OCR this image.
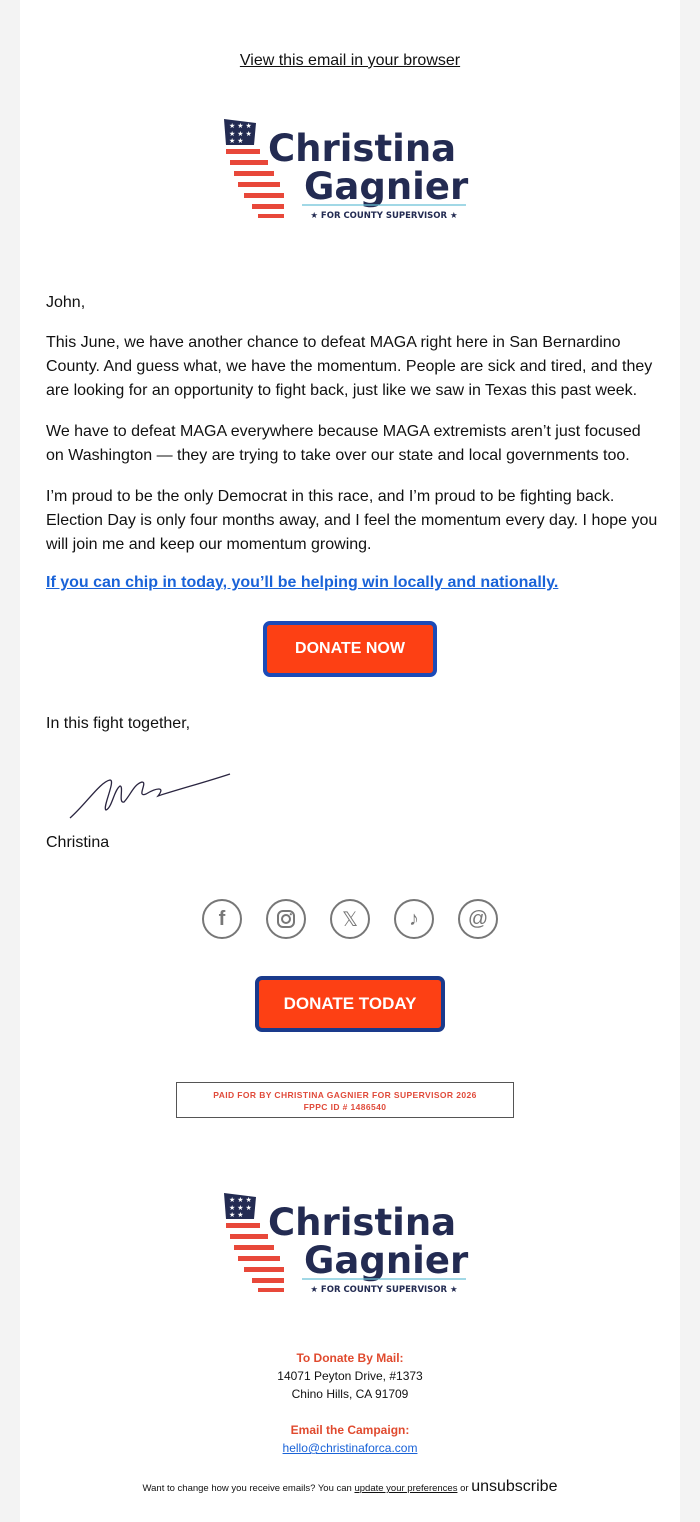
View this email in your browser
★ ★ ★
★ ★ ★
★ ★ Christina
Gagnier
★ FOR COUNTY SUPERVISOR ★

John,

This June, we have another chance to defeat MAGA right here in San Bernardino County. And guess what, we have the momentum. People are sick and tired, and they are looking for an opportunity to fight back, just like we saw in Texas this past week.

We have to defeat MAGA everywhere because MAGA extremists aren’t just focused on Washington — they are trying to take over our state and local governments too.

I’m proud to be the only Democrat in this race, and I’m proud to be fighting back. Election Day is only four months away, and I feel the momentum every day. I hope you will join me and keep our momentum growing.

If you can chip in today, you’ll be helping win locally and nationally.

DONATE NOW
In this fight together,
Christina
f	𝕏	♪ @
DONATE TODAY
PAID FOR BY CHRISTINA GAGNIER FOR SUPERVISOR 2026
FPPC ID # 1486540
★ ★ ★
★ ★ ★
★ ★ Christina
Gagnier
★ FOR COUNTY SUPERVISOR ★
To Donate By Mail:
14071 Peyton Drive, #1373
Chino Hills, CA 91709
Email the Campaign:
hello@christinaforca.com
Want to change how you receive emails? You can update your preferences or unsubscribe
